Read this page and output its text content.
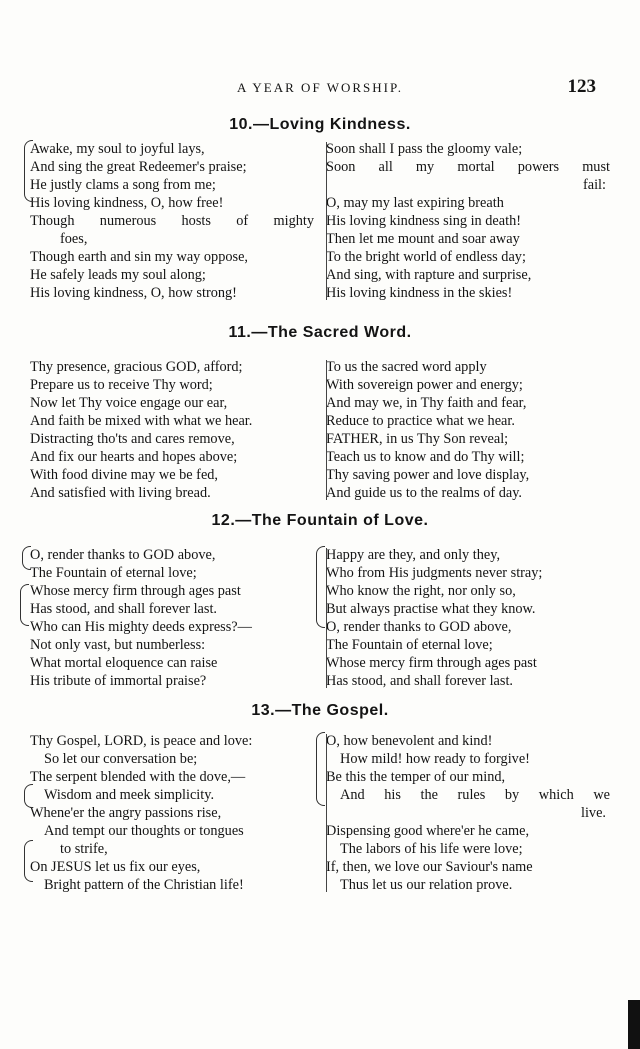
A YEAR OF WORSHIP.	123
10.—Loving Kindness.
Awake, my soul to joyful lays,
And sing the great Redeemer's praise;
He justly clams a song from me;
His loving kindness, O, how free!
Though numerous hosts of mighty
foes,
Though earth and sin my way oppose,
He safely leads my soul along;
His loving kindness, O, how strong!
Soon shall I pass the gloomy vale;
Soon all my mortal powers must
fail:
O, may my last expiring breath
His loving kindness sing in death!
Then let me mount and soar away
To the bright world of endless day;
And sing, with rapture and surprise,
His loving kindness in the skies!
11.—The Sacred Word.
Thy presence, gracious GOD, afford;
Prepare us to receive Thy word;
Now let Thy voice engage our ear,
And faith be mixed with what we hear.
Distracting tho'ts and cares remove,
And fix our hearts and hopes above;
With food divine may we be fed,
And satisfied with living bread.
To us the sacred word apply
With sovereign power and energy;
And may we, in Thy faith and fear,
Reduce to practice what we hear.
FATHER, in us Thy Son reveal;
Teach us to know and do Thy will;
Thy saving power and love display,
And guide us to the realms of day.
12.—The Fountain of Love.
O, render thanks to GOD above,
The Fountain of eternal love;
Whose mercy firm through ages past
Has stood, and shall forever last.
Who can His mighty deeds express?—
Not only vast, but numberless:
What mortal eloquence can raise
His tribute of immortal praise?
Happy are they, and only they,
Who from His judgments never stray;
Who know the right, nor only so,
But always practise what they know.
O, render thanks to GOD above,
The Fountain of eternal love;
Whose mercy firm through ages past
Has stood, and shall forever last.
13.—The Gospel.
Thy Gospel, LORD, is peace and love:
So let our conversation be;
The serpent blended with the dove,—
Wisdom and meek simplicity.
Whene'er the angry passions rise,
And tempt our thoughts or tongues
to strife,
On JESUS let us fix our eyes,
Bright pattern of the Christian life!
O, how benevolent and kind!
How mild! how ready to forgive!
Be this the temper of our mind,
And his the rules by which we
live.
Dispensing good where'er he came,
The labors of his life were love;
If, then, we love our Saviour's name
Thus let us our relation prove.
